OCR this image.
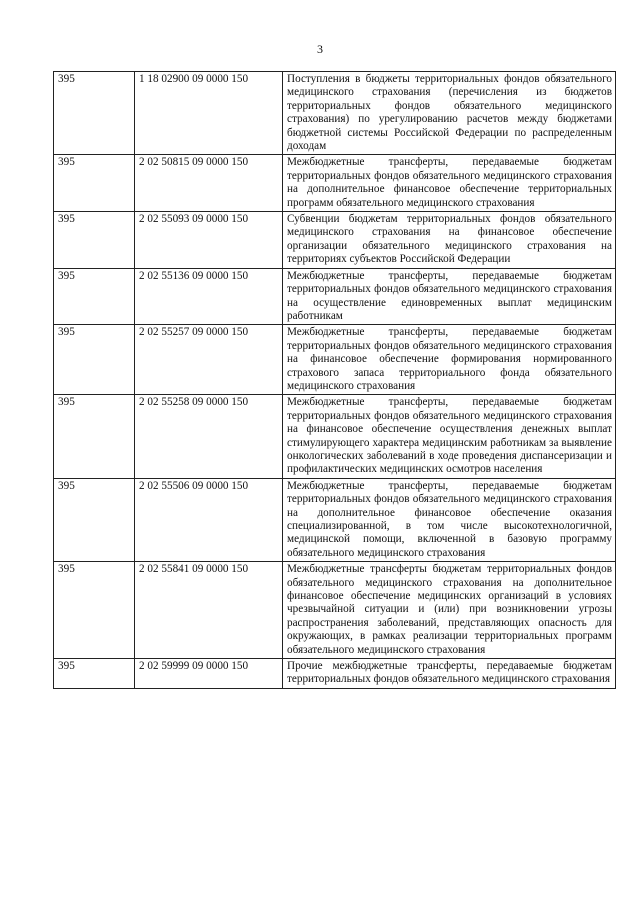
3
395	1 18 02900 09 0000 150	Поступления в бюджеты территориальных фондов обязательного медицинского страхования (перечисления из бюджетов территориальных фондов обязательного медицинского страхования) по урегулированию расчетов между бюджетами бюджетной системы Российской Федерации по распределенным доходам
395	2 02 50815 09 0000 150	Межбюджетные трансферты, передаваемые бюджетам территориальных фондов обязательного медицинского страхования на дополнительное финансовое обеспечение территориальных программ обязательного медицинского страхования
395	2 02 55093 09 0000 150	Субвенции бюджетам территориальных фондов обязательного медицинского страхования на финансовое обеспечение организации обязательного медицинского страхования на территориях субъектов Российской Федерации
395	2 02 55136 09 0000 150	Межбюджетные трансферты, передаваемые бюджетам территориальных фондов обязательного медицинского страхования на осуществление единовременных выплат медицинским работникам
395	2 02 55257 09 0000 150	Межбюджетные трансферты, передаваемые бюджетам территориальных фондов обязательного медицинского страхования на финансовое обеспечение формирования нормированного страхового запаса территориального фонда обязательного медицинского страхования
395	2 02 55258 09 0000 150	Межбюджетные трансферты, передаваемые бюджетам территориальных фондов обязательного медицинского страхования на финансовое обеспечение осуществления денежных выплат стимулирующего характера медицинским работникам за выявление онкологических заболеваний в ходе проведения диспансеризации и профилактических медицинских осмотров населения
395	2 02 55506 09 0000 150	Межбюджетные трансферты, передаваемые бюджетам территориальных фондов обязательного медицинского страхования на дополнительное финансовое обеспечение оказания специализированной, в том числе высокотехнологичной, медицинской помощи, включенной в базовую программу обязательного медицинского страхования
395	2 02 55841 09 0000 150	Межбюджетные трансферты бюджетам территориальных фондов обязательного медицинского страхования на дополнительное финансовое обеспечение медицинских организаций в условиях чрезвычайной ситуации и (или) при возникновении угрозы распространения заболеваний, представляющих опасность для окружающих, в рамках реализации территориальных программ обязательного медицинского страхования
395	2 02 59999 09 0000 150	Прочие межбюджетные трансферты, передаваемые бюджетам территориальных фондов обязательного медицинского страхования
